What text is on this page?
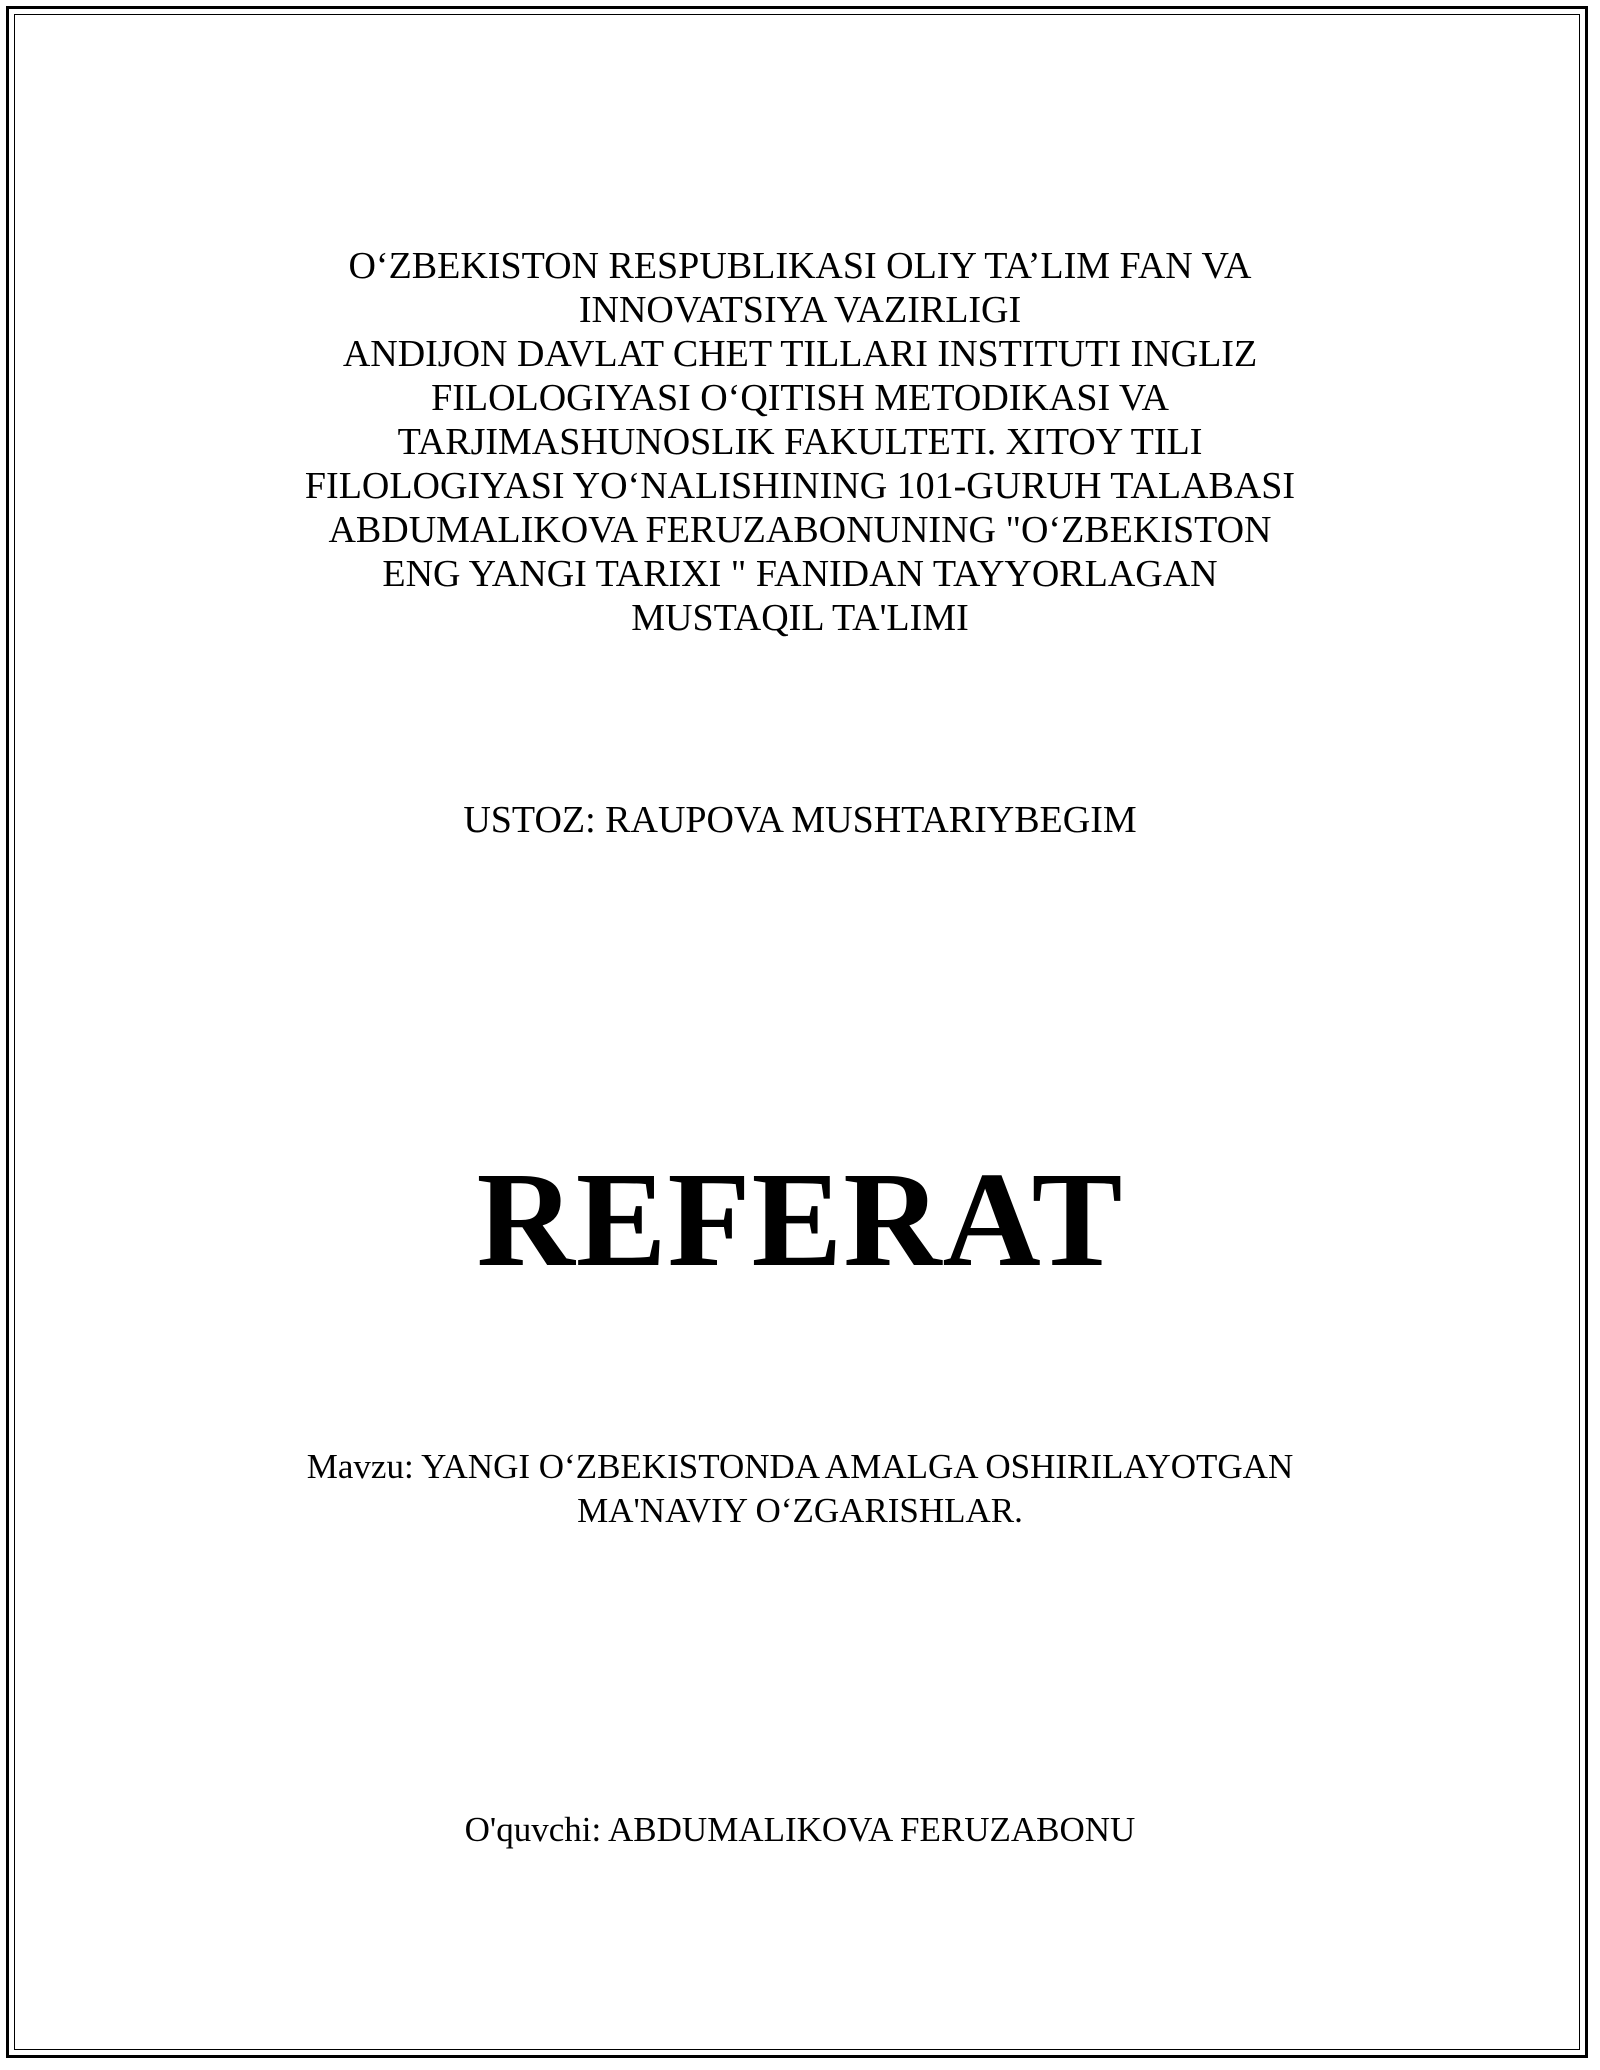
O‘ZBEKISTON RESPUBLIKASI OLIY TA’LIM FAN VA
INNOVATSIYA VAZIRLIGI
ANDIJON DAVLAT CHET TILLARI INSTITUTI INGLIZ
FILOLOGIYASI O‘QITISH METODIKASI VA
TARJIMASHUNOSLIK FAKULTETI. XITOY TILI
FILOLOGIYASI YO‘NALISHINING 101-GURUH TALABASI
ABDUMALIKOVA FERUZABONUNING "O‘ZBEKISTON
ENG YANGI TARIXI " FANIDAN TAYYORLAGAN
MUSTAQIL TA'LIMI
USTOZ: RAUPOVA MUSHTARIYBEGIM
REFERAT
Mavzu: YANGI O‘ZBEKISTONDA AMALGA OSHIRILAYOTGAN
MA'NAVIY O‘ZGARISHLAR.
O'quvchi: ABDUMALIKOVA FERUZABONU
